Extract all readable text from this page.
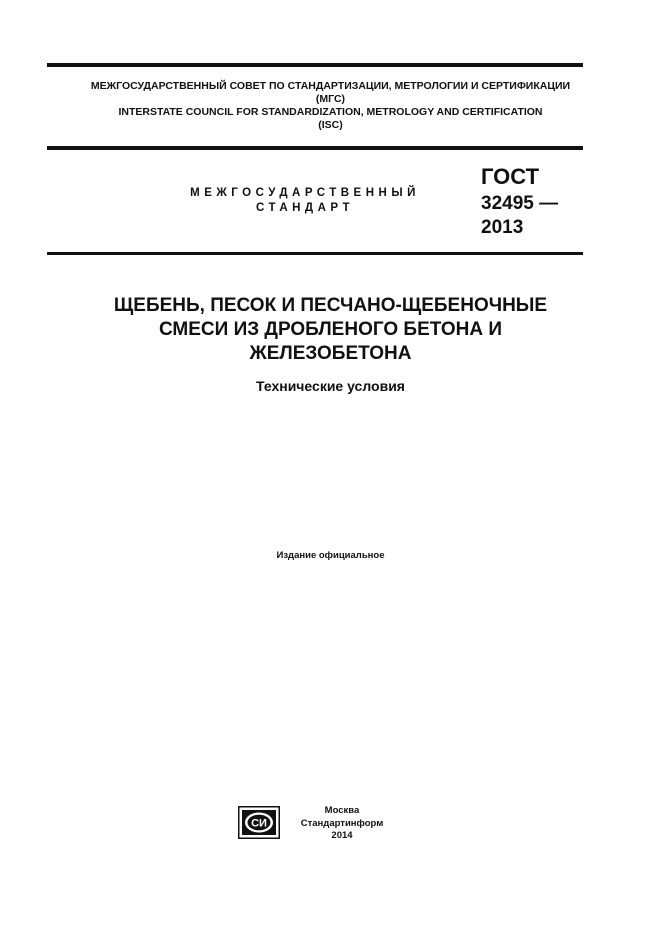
МЕЖГОСУДАРСТВЕННЫЙ СОВЕТ ПО СТАНДАРТИЗАЦИИ, МЕТРОЛОГИИ И СЕРТИФИКАЦИИ
(МГС)
INTERSTATE COUNCIL FOR STANDARDIZATION, METROLOGY AND CERTIFICATION
(ISC)
МЕЖГОСУДАРСТВЕННЫЙ
СТАНДАРТ
ГОСТ
32495 —
2013
ЩЕБЕНЬ, ПЕСОК И ПЕСЧАНО-ЩЕБЕНОЧНЫЕ
СМЕСИ ИЗ ДРОБЛЕНОГО БЕТОНА И
ЖЕЛЕЗОБЕТОНА
Технические условия
Издание официальное
СИ
Москва
Стандартинформ
2014
